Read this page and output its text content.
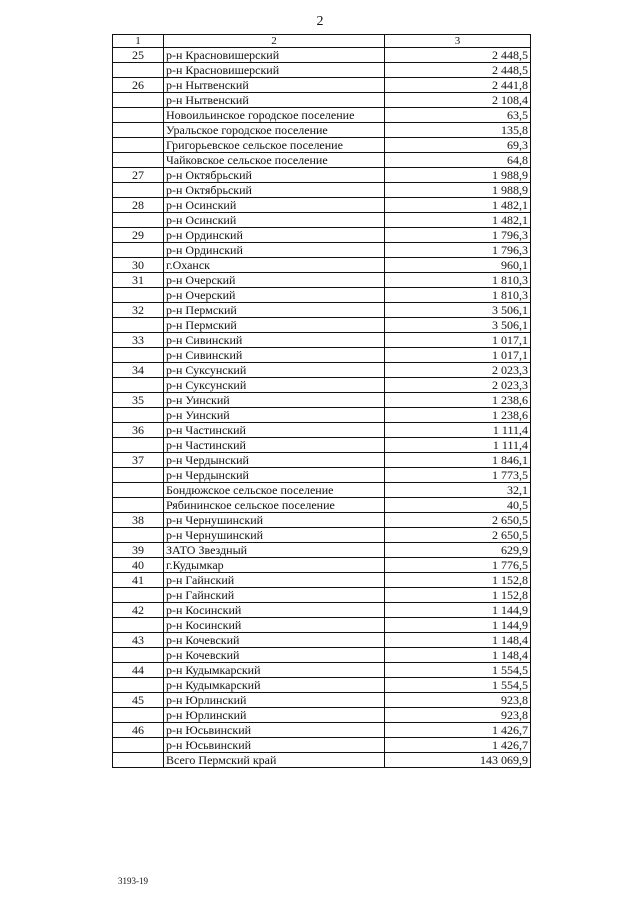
2
1	2	3
25	р-н Красновишерский	2 448,5
	р-н Красновишерский	2 448,5
26	р-н Нытвенский	2 441,8
	р-н Нытвенский	2 108,4
	Новоильинское городское поселение	63,5
	Уральское городское поселение	135,8
	Григорьевское сельское поселение	69,3
	Чайковское сельское поселение	64,8
27	р-н Октябрьский	1 988,9
	р-н Октябрьский	1 988,9
28	р-н Осинский	1 482,1
	р-н Осинский	1 482,1
29	р-н Ординский	1 796,3
	р-н Ординский	1 796,3
30	г.Оханск	960,1
31	р-н Очерский	1 810,3
	р-н Очерский	1 810,3
32	р-н Пермский	3 506,1
	р-н Пермский	3 506,1
33	р-н Сивинский	1 017,1
	р-н Сивинский	1 017,1
34	р-н Суксунский	2 023,3
	р-н Суксунский	2 023,3
35	р-н Уинский	1 238,6
	р-н Уинский	1 238,6
36	р-н Частинский	1 111,4
	р-н Частинский	1 111,4
37	р-н Чердынский	1 846,1
	р-н Чердынский	1 773,5
	Бондюжское сельское поселение	32,1
	Рябининское сельское поселение	40,5
38	р-н Чернушинский	2 650,5
	р-н Чернушинский	2 650,5
39	ЗАТО Звездный	629,9
40	г.Кудымкар	1 776,5
41	р-н Гайнский	1 152,8
	р-н Гайнский	1 152,8
42	р-н Косинский	1 144,9
	р-н Косинский	1 144,9
43	р-н Кочевский	1 148,4
	р-н Кочевский	1 148,4
44	р-н Кудымкарский	1 554,5
	р-н Кудымкарский	1 554,5
45	р-н Юрлинский	923,8
	р-н Юрлинский	923,8
46	р-н Юсьвинский	1 426,7
	р-н Юсьвинский	1 426,7
	Всего Пермский край	143 069,9
3193-19
